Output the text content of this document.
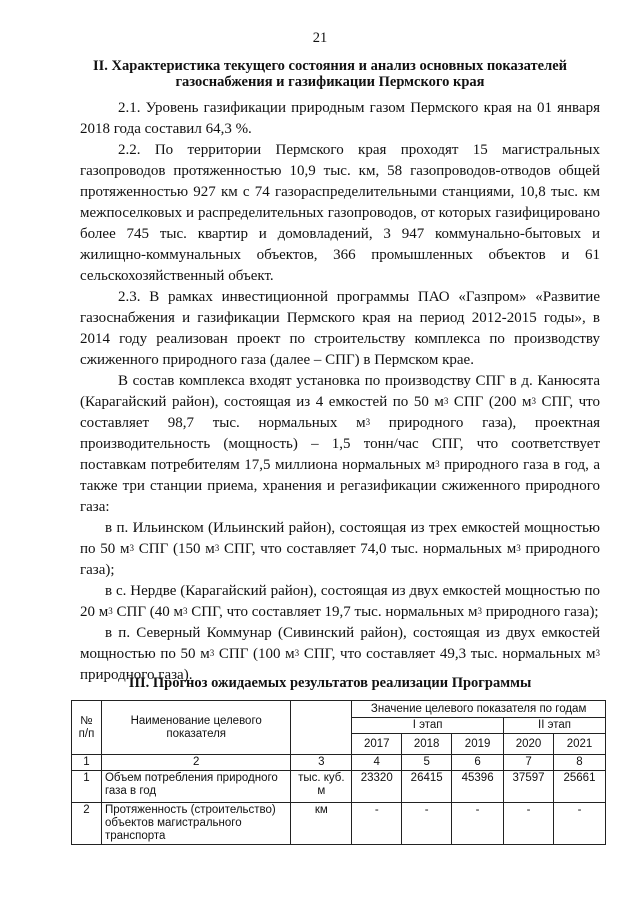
21
II. Характеристика текущего состояния и анализ основных показателей
газоснабжения и газификации Пермского края

2.1. Уровень газификации природным газом Пермского края на 01 января 2018 года составил 64,3 %.

2.2. По территории Пермского края проходят 15 магистральных газопроводов протяженностью 10,9 тыс. км, 58 газопроводов-отводов общей протяженностью 927 км с 74 газораспределительными станциями, 10,8 тыс. км межпоселковых и распределительных газопроводов, от которых газифицировано более 745 тыс. квартир и домовладений, 3 947 коммунально-бытовых и жилищно-коммунальных объектов, 366 промышленных объектов и 61 сельскохозяйственный объект.

2.3. В рамках инвестиционной программы ПАО «Газпром» «Развитие газоснабжения и газификации Пермского края на период 2012-2015 годы», в 2014 году реализован проект по строительству комплекса по производству сжиженного природного газа (далее – СПГ) в Пермском крае.

В состав комплекса входят установка по производству СПГ в д. Канюсята (Карагайский район), состоящая из 4 емкостей по 50 $м^3$ СПГ (200 $м^3$ СПГ, что составляет 98,7 тыс. нормальных $м^3$ природного газа), проектная производительность (мощность) – 1,5 тонн/час СПГ, что соответствует поставкам потребителям 17,5 миллиона нормальных $м^3$ природного газа в год, а также три станции приема, хранения и регазификации сжиженного природного газа:

в п. Ильинском (Ильинский район), состоящая из трех емкостей мощностью по 50 $м^3$ СПГ (150 $м^3$ СПГ, что составляет 74,0 тыс. нормальных $м^3$ природного газа);

в с. Нердве (Карагайский район), состоящая из двух емкостей мощностью по 20 $м^3$ СПГ (40 $м^3$ СПГ, что составляет 19,7 тыс. нормальных $м^3$ природного газа);

в п. Северный Коммунар (Сивинский район), состоящая из двух емкостей мощностью по 50 $м^3$ СПГ (100 $м^3$ СПГ, что составляет 49,3 тыс. нормальных $м^3$ природного газа).

III. Прогноз ожидаемых результатов реализации Программы
№ п/п	Наименование целевого показателя		Значение целевого показателя по годам				
			I этап			II этап	
			2017	2018	2019	2020	2021
1	2	3	4	5	6	7	8
1	Объем потребления природного газа в год	тыс. куб. м	23320	26415	45396	37597	25661
2	Протяженность (строительство) объектов магистрального транспорта	км	-	-	-	-	-
